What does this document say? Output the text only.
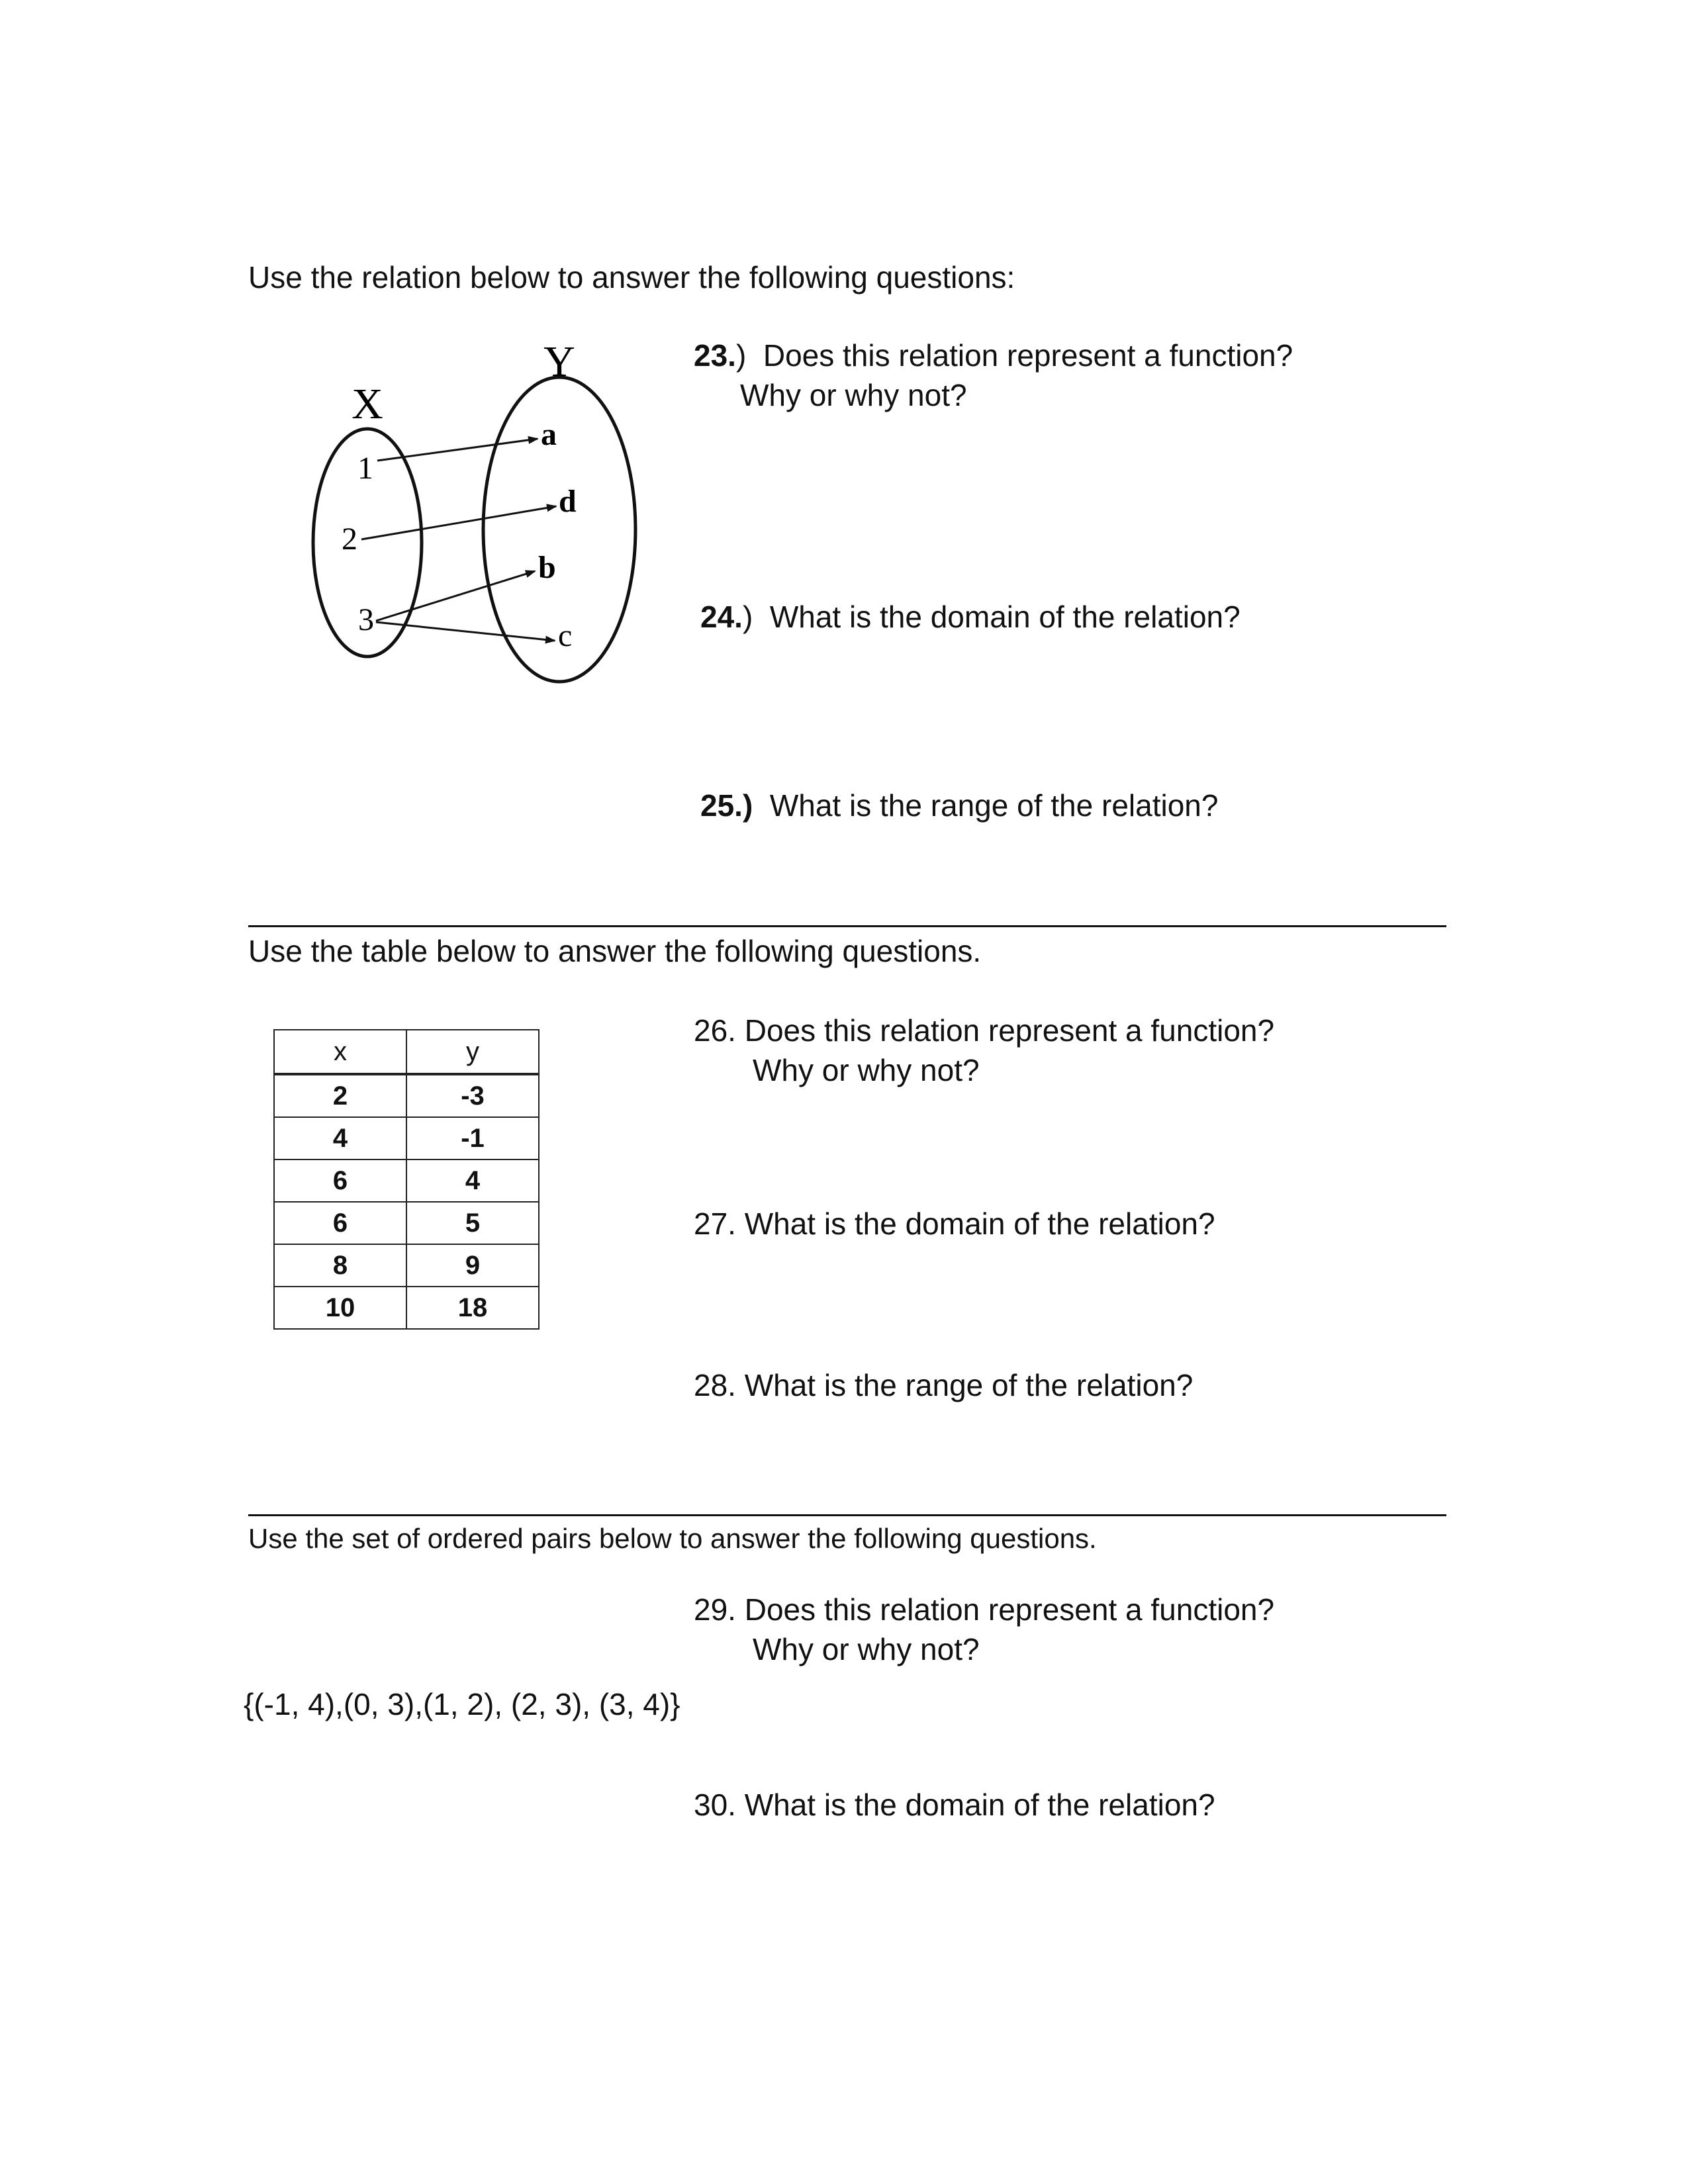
Use the relation below to answer the following questions:
X
Y
1
2
3
a
d
b
c
23.) Does this relation represent a function?
Why or why not?
24.) What is the domain of the relation?
25.) What is the range of the relation?
Use the table below to answer the following questions.
x	y
2	-3
4	-1
6	4
6	5
8	9
10	18
26. Does this relation represent a function?
Why or why not?
27. What is the domain of the relation?
28. What is the range of the relation?
Use the set of ordered pairs below to answer the following questions.
29. Does this relation represent a function?
Why or why not?
{(-1, 4),(0, 3),(1, 2), (2, 3), (3, 4)}
30. What is the domain of the relation?
